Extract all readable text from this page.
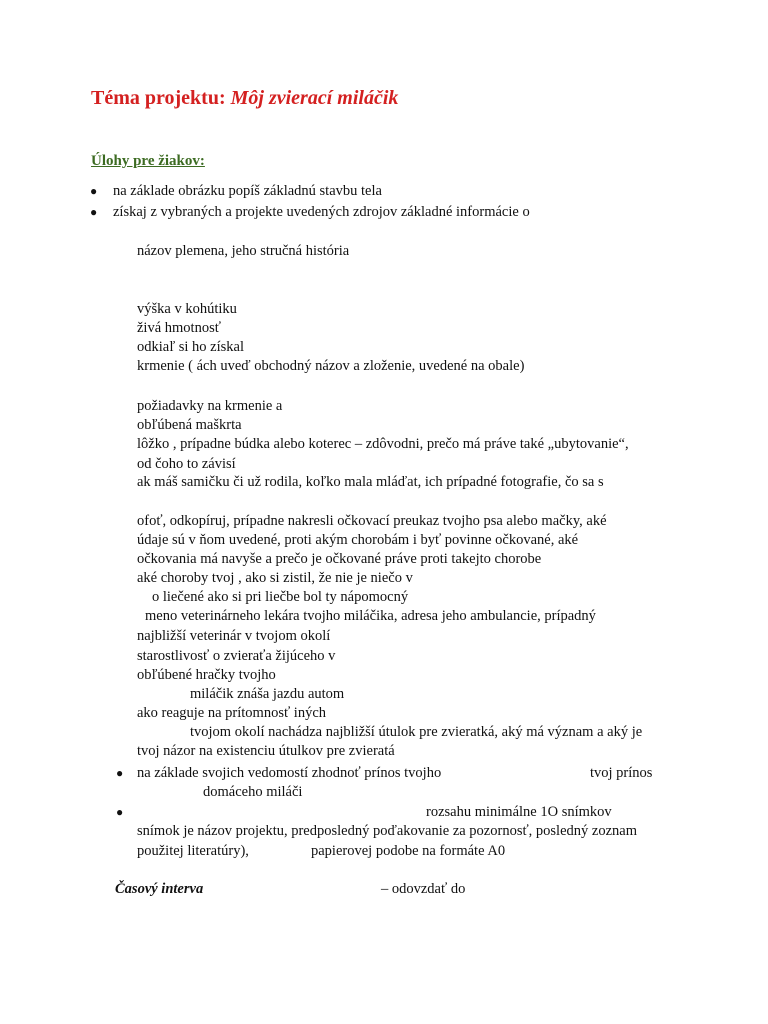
Téma projektu: Môj zvierací miláčik
Úlohy pre žiakov:
● na základe obrázku popíš základnú stavbu tela
● získaj z vybraných a projekte uvedených zdrojov základné informácie o
názov plemena, jeho stručná história
výška v kohútiku
živá hmotnosť
odkiaľ si ho získal
krmenie ( ách uveď obchodný názov a zloženie, uvedené na obale)
požiadavky na krmenie a
obľúbená maškrta
lôžko , prípadne búdka alebo koterec – zdôvodni, prečo má práve také „ubytovanie“,
od čoho to závisí
ak máš samičku či už rodila, koľko mala mláďat, ich prípadné fotografie, čo sa s
ofoť, odkopíruj, prípadne nakresli očkovací preukaz tvojho psa alebo mačky, aké
údaje sú v ňom uvedené, proti akým chorobám i byť povinne očkované, aké
očkovania má navyše a prečo je očkované práve proti takejto chorobe
aké choroby tvoj , ako si zistil, že nie je niečo v
o liečené ako si pri liečbe bol ty nápomocný
meno veterinárneho lekára tvojho miláčika, adresa jeho ambulancie, prípadný
najbližší veterinár v tvojom okolí
starostlivosť o zvieraťa žijúceho v
obľúbené hračky tvojho
miláčik znáša jazdu autom
ako reaguje na prítomnosť iných
tvojom okolí nachádza najbližší útulok pre zvieratká, aký má význam a aký je
tvoj názor na existenciu útulkov pre zvieratá
● na základe svojich vedomostí zhodnoť prínos tvojho	tvoj prínos
domáceho miláči
●	rozsahu minimálne 1O snímkov
snímok je názov projektu, predposledný poďakovanie za pozornosť, posledný zoznam
použitej literatúry),	papierovej podobe na formáte A0
Časový interva	– odovzdať do
